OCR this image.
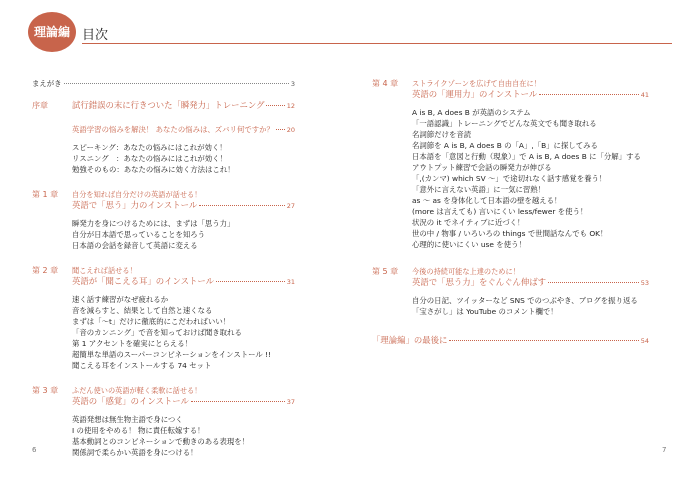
理論編 目次
まえがき	3
序章	試行錯誤の末に行きついた「瞬発力」トレーニング	12
英語学習の悩みを解決！ あなたの悩みは、ズバリ何ですか？ 20
スピーキング：あなたの悩みにはこれが効く！
リスニング　：あなたの悩みにはこれが効く！
勉強そのもの：あなたの悩みに効く方法はこれ！
第 1 章	自分を知れば自分だけの英語が話せる！
英語で「思う」力のインストール	27
瞬発力を身につけるためには、まずは「思う力」
自分が日本語で思っていることを知ろう
日本語の会話を録音して英語に変える
第 2 章	聞こえれば話せる！
英語が「聞こえる耳」のインストール	31
速く話す練習がなぜ疲れるか
音を減らすと、結果として自然と速くなる
まずは「～t」だけに徹底的にこだわればいい！
「音のカンニング」で音を知っておけば聞き取れる
第 1 アクセントを確実にとらえる！
超簡単な単語のスーパーコンビネーションをインストール !!
聞こえる耳をインストールする 74 セット
第 3 章	ふだん使いの英語が軽く柔軟に話せる！
英語の「感覚」のインストール	37
英語発想は無生物主語で身につく
I の使用をやめる！ 物に責任転嫁する！
基本動詞とのコンビネーションで動きのある表現を！
関係詞で柔らかい英語を身につける！
第 4 章	ストライクゾーンを広げて自由自在に！
英語の「運用力」のインストール	41
A is B, A does B が英語のシステム
「一語認識」トレーニングでどんな英文でも聞き取れる
名詞節だけを音読
名詞節を A is B, A does B の「A」,「B」に探してみる
日本語を「意図と行動（現象）」で A is B, A does B に「分解」する
アウトプット練習で会話の瞬発力が伸びる
「,(カンマ) which SV ～」で途切れなく話す感覚を養う！
「意外に言えない英語」に一気に習熟！
as ～ as を身体化して日本語の壁を越える！
(more は言えても) 言いにくい less/fewer を使う！
状況の it でネイティブに近づく！
世の中 / 物事 / いろいろの things で世間話なんでも OK！
心理的に使いにくい use を使う！
第 5 章	今後の持続可能な上達のために！
英語で「思う力」をぐんぐん伸ばす	53
自分の日記、ツイッターなど SNS でのつぶやき、ブログを振り返る
「宝さがし」は YouTube のコメント欄で！
「理論編」の最後に	54
6	7
